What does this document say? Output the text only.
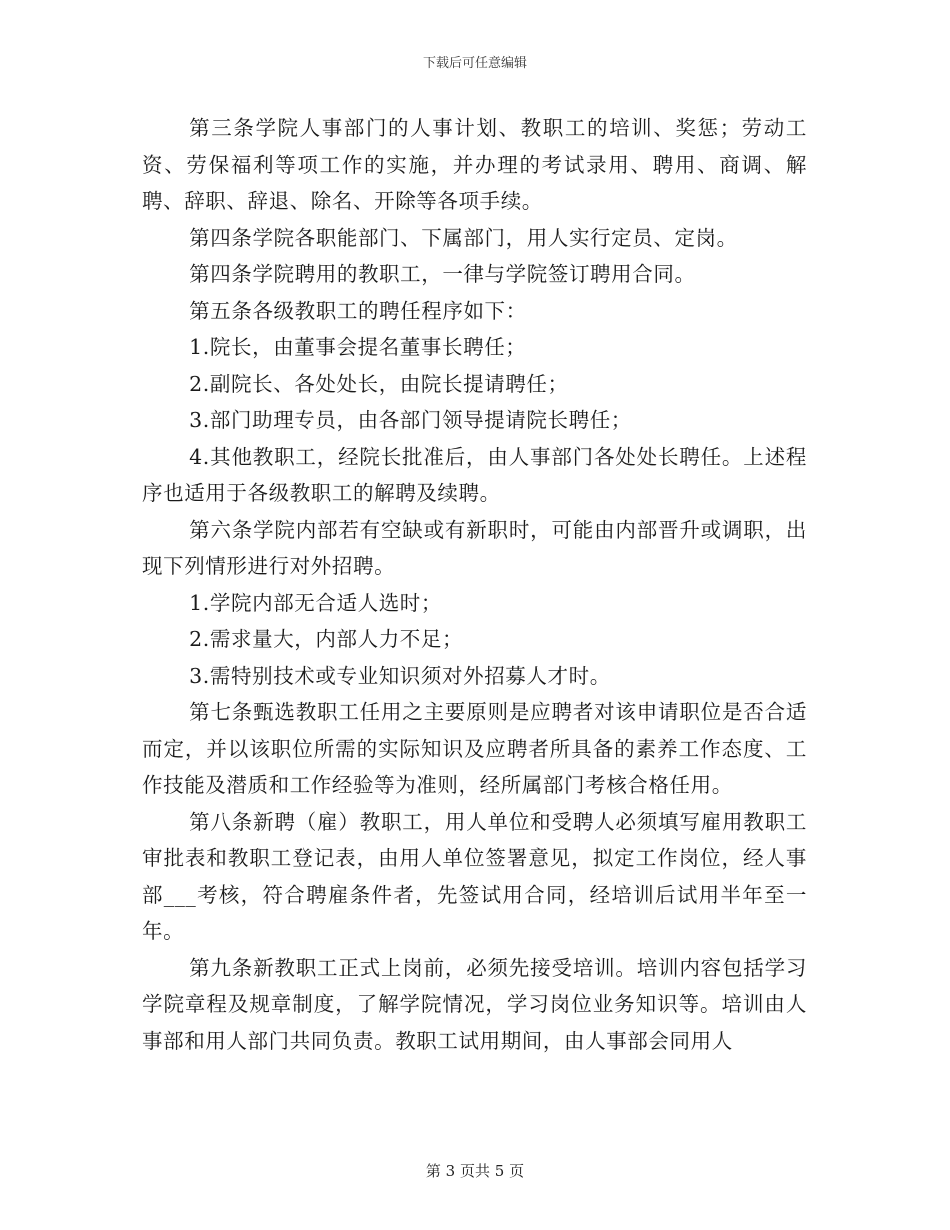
下载后可任意编辑

第三条学院人事部门的人事计划、教职工的培训、奖惩；劳动工资、劳保福利等项工作的实施，并办理的考试录用、聘用、商调、解聘、辞职、辞退、除名、开除等各项手续。

第四条学院各职能部门、下属部门，用人实行定员、定岗。

第四条学院聘用的教职工，一律与学院签订聘用合同。

第五条各级教职工的聘任程序如下：

1.院长，由董事会提名董事长聘任；

2.副院长、各处处长，由院长提请聘任；

3.部门助理专员，由各部门领导提请院长聘任；

4.其他教职工，经院长批准后，由人事部门各处处长聘任。上述程序也适用于各级教职工的解聘及续聘。

第六条学院内部若有空缺或有新职时，可能由内部晋升或调职，出现下列情形进行对外招聘。

1.学院内部无合适人选时；

2.需求量大，内部人力不足；

3.需特别技术或专业知识须对外招募人才时。

第七条甄选教职工任用之主要原则是应聘者对该申请职位是否合适而定，并以该职位所需的实际知识及应聘者所具备的素养工作态度、工作技能及潜质和工作经验等为准则，经所属部门考核合格任用。

第八条新聘（雇）教职工，用人单位和受聘人必须填写雇用教职工审批表和教职工登记表，由用人单位签署意见，拟定工作岗位，经人事部___考核，符合聘雇条件者，先签试用合同，经培训后试用半年至一年。

第九条新教职工正式上岗前，必须先接受培训。培训内容包括学习学院章程及规章制度，了解学院情况，学习岗位业务知识等。培训由人事部和用人部门共同负责。教职工试用期间，由人事部会同用人

第 3 页共 5 页
